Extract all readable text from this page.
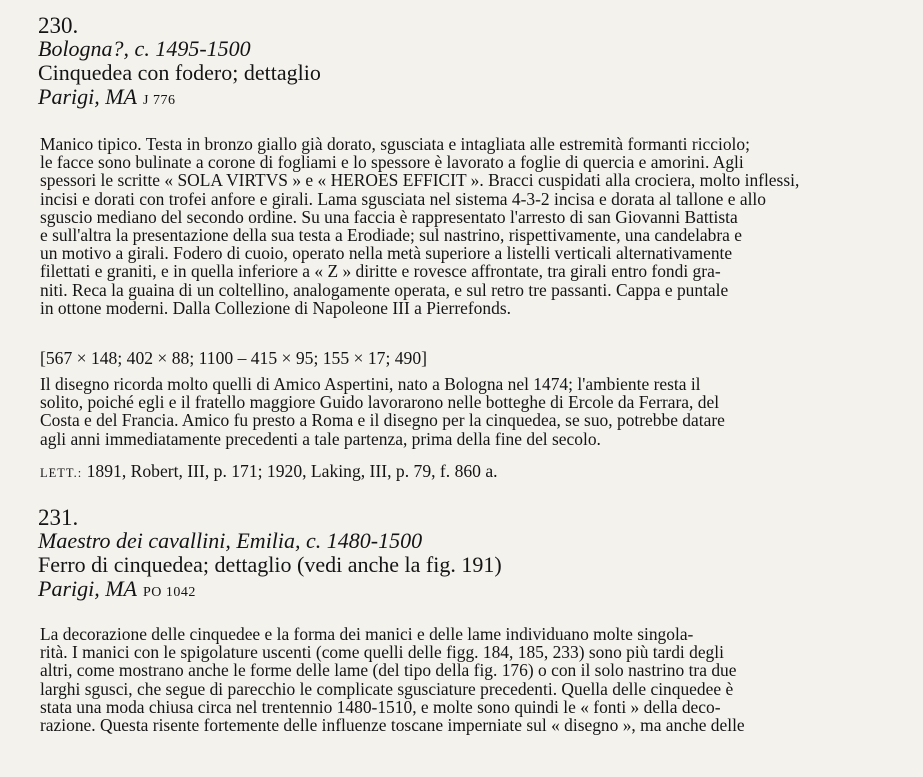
230.

Bologna?, c. 1495-1500

Cinquedea con fodero; dettaglio

Parigi, MA J 776

Manico tipico. Testa in bronzo giallo già dorato, sgusciata e intagliata alle estremità formanti ricciolo;
le facce sono bulinate a corone di fogliami e lo spessore è lavorato a foglie di quercia e amorini. Agli
spessori le scritte « SOLA VIRTVS » e « HEROES EFFICIT ». Bracci cuspidati alla crociera, molto inflessi,
incisi e dorati con trofei anfore e girali. Lama sgusciata nel sistema 4-3-2 incisa e dorata al tallone e allo
sguscio mediano del secondo ordine. Su una faccia è rappresentato l'arresto di san Giovanni Battista
e sull'altra la presentazione della sua testa a Erodiade; sul nastrino, rispettivamente, una candelabra e
un motivo a girali. Fodero di cuoio, operato nella metà superiore a listelli verticali alternativamente
filettati e graniti, e in quella inferiore a « Z » diritte e rovesce affrontate, tra girali entro fondi gra-
niti. Reca la guaina di un coltellino, analogamente operata, e sul retro tre passanti. Cappa e puntale
in ottone moderni. Dalla Collezione di Napoleone III a Pierrefonds.
[567 × 148; 402 × 88; 1100 – 415 × 95; 155 × 17; 490]
Il disegno ricorda molto quelli di Amico Aspertini, nato a Bologna nel 1474; l'ambiente resta il
solito, poiché egli e il fratello maggiore Guido lavorarono nelle botteghe di Ercole da Ferrara, del
Costa e del Francia. Amico fu presto a Roma e il disegno per la cinquedea, se suo, potrebbe datare
agli anni immediatamente precedenti a tale partenza, prima della fine del secolo.
LETT.: 1891, Robert, III, p. 171; 1920, Laking, III, p. 79, f. 860 a.

231.

Maestro dei cavallini, Emilia, c. 1480-1500

Ferro di cinquedea; dettaglio (vedi anche la fig. 191)

Parigi, MA PO 1042

La decorazione delle cinquedee e la forma dei manici e delle lame individuano molte singola-
rità. I manici con le spigolature uscenti (come quelli delle figg. 184, 185, 233) sono più tardi degli
altri, come mostrano anche le forme delle lame (del tipo della fig. 176) o con il solo nastrino tra due
larghi sgusci, che segue di parecchio le complicate sgusciature precedenti. Quella delle cinquedee è
stata una moda chiusa circa nel trentennio 1480-1510, e molte sono quindi le « fonti » della deco-
razione. Questa risente fortemente delle influenze toscane imperniate sul « disegno », ma anche delle
